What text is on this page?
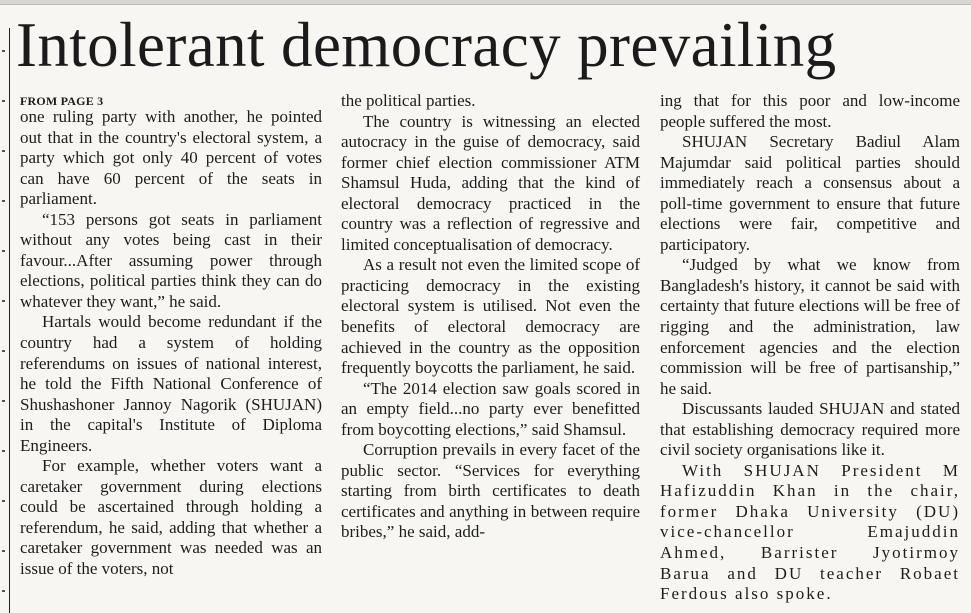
Intolerant democracy prevailing
FROM PAGE 3

one ruling party with another, he pointed out that in the country's electoral system, a party which got only 40 percent of votes can have 60 percent of the seats in parliament.

“153 persons got seats in parliament without any votes being cast in their favour...After assuming power through elections, political parties think they can do whatever they want,” he said.

Hartals would become redundant if the country had a system of holding referendums on issues of national interest, he told the Fifth National Conference of Shushashoner Jannoy Nagorik (SHUJAN) in the capital's Institute of Diploma Engineers.

For example, whether voters want a caretaker government during elections could be ascertained through holding a referendum, he said, adding that whether a caretaker government was needed was an issue of the voters, not

the political parties.

The country is witnessing an elected autocracy in the guise of democracy, said former chief election commissioner ATM Shamsul Huda, adding that the kind of electoral democracy practiced in the country was a reflection of regressive and limited conceptualisation of democracy.

As a result not even the limited scope of practicing democracy in the existing electoral system is utilised. Not even the benefits of electoral democracy are achieved in the country as the opposition frequently boycotts the parliament, he said.

“The 2014 election saw goals scored in an empty field...no party ever benefitted from boycotting elections,” said Shamsul.

Corruption prevails in every facet of the public sector. “Services for everything starting from birth certificates to death certificates and anything in between require bribes,” he said, add-

ing that for this poor and low-income people suffered the most.

SHUJAN Secretary Badiul Alam Majumdar said political parties should immediately reach a consensus about a poll-time government to ensure that future elections were fair, competitive and participatory.

“Judged by what we know from Bangladesh's history, it cannot be said with certainty that future elections will be free of rigging and the administration, law enforcement agencies and the election commission will be free of partisanship,” he said.

Discussants lauded SHUJAN and stated that establishing democracy required more civil society organisations like it.

With SHUJAN President M Hafizuddin Khan in the chair, former Dhaka University (DU) vice-chancellor Emajuddin Ahmed, Barrister Jyotirmoy Barua and DU teacher Robaet Ferdous also spoke.
